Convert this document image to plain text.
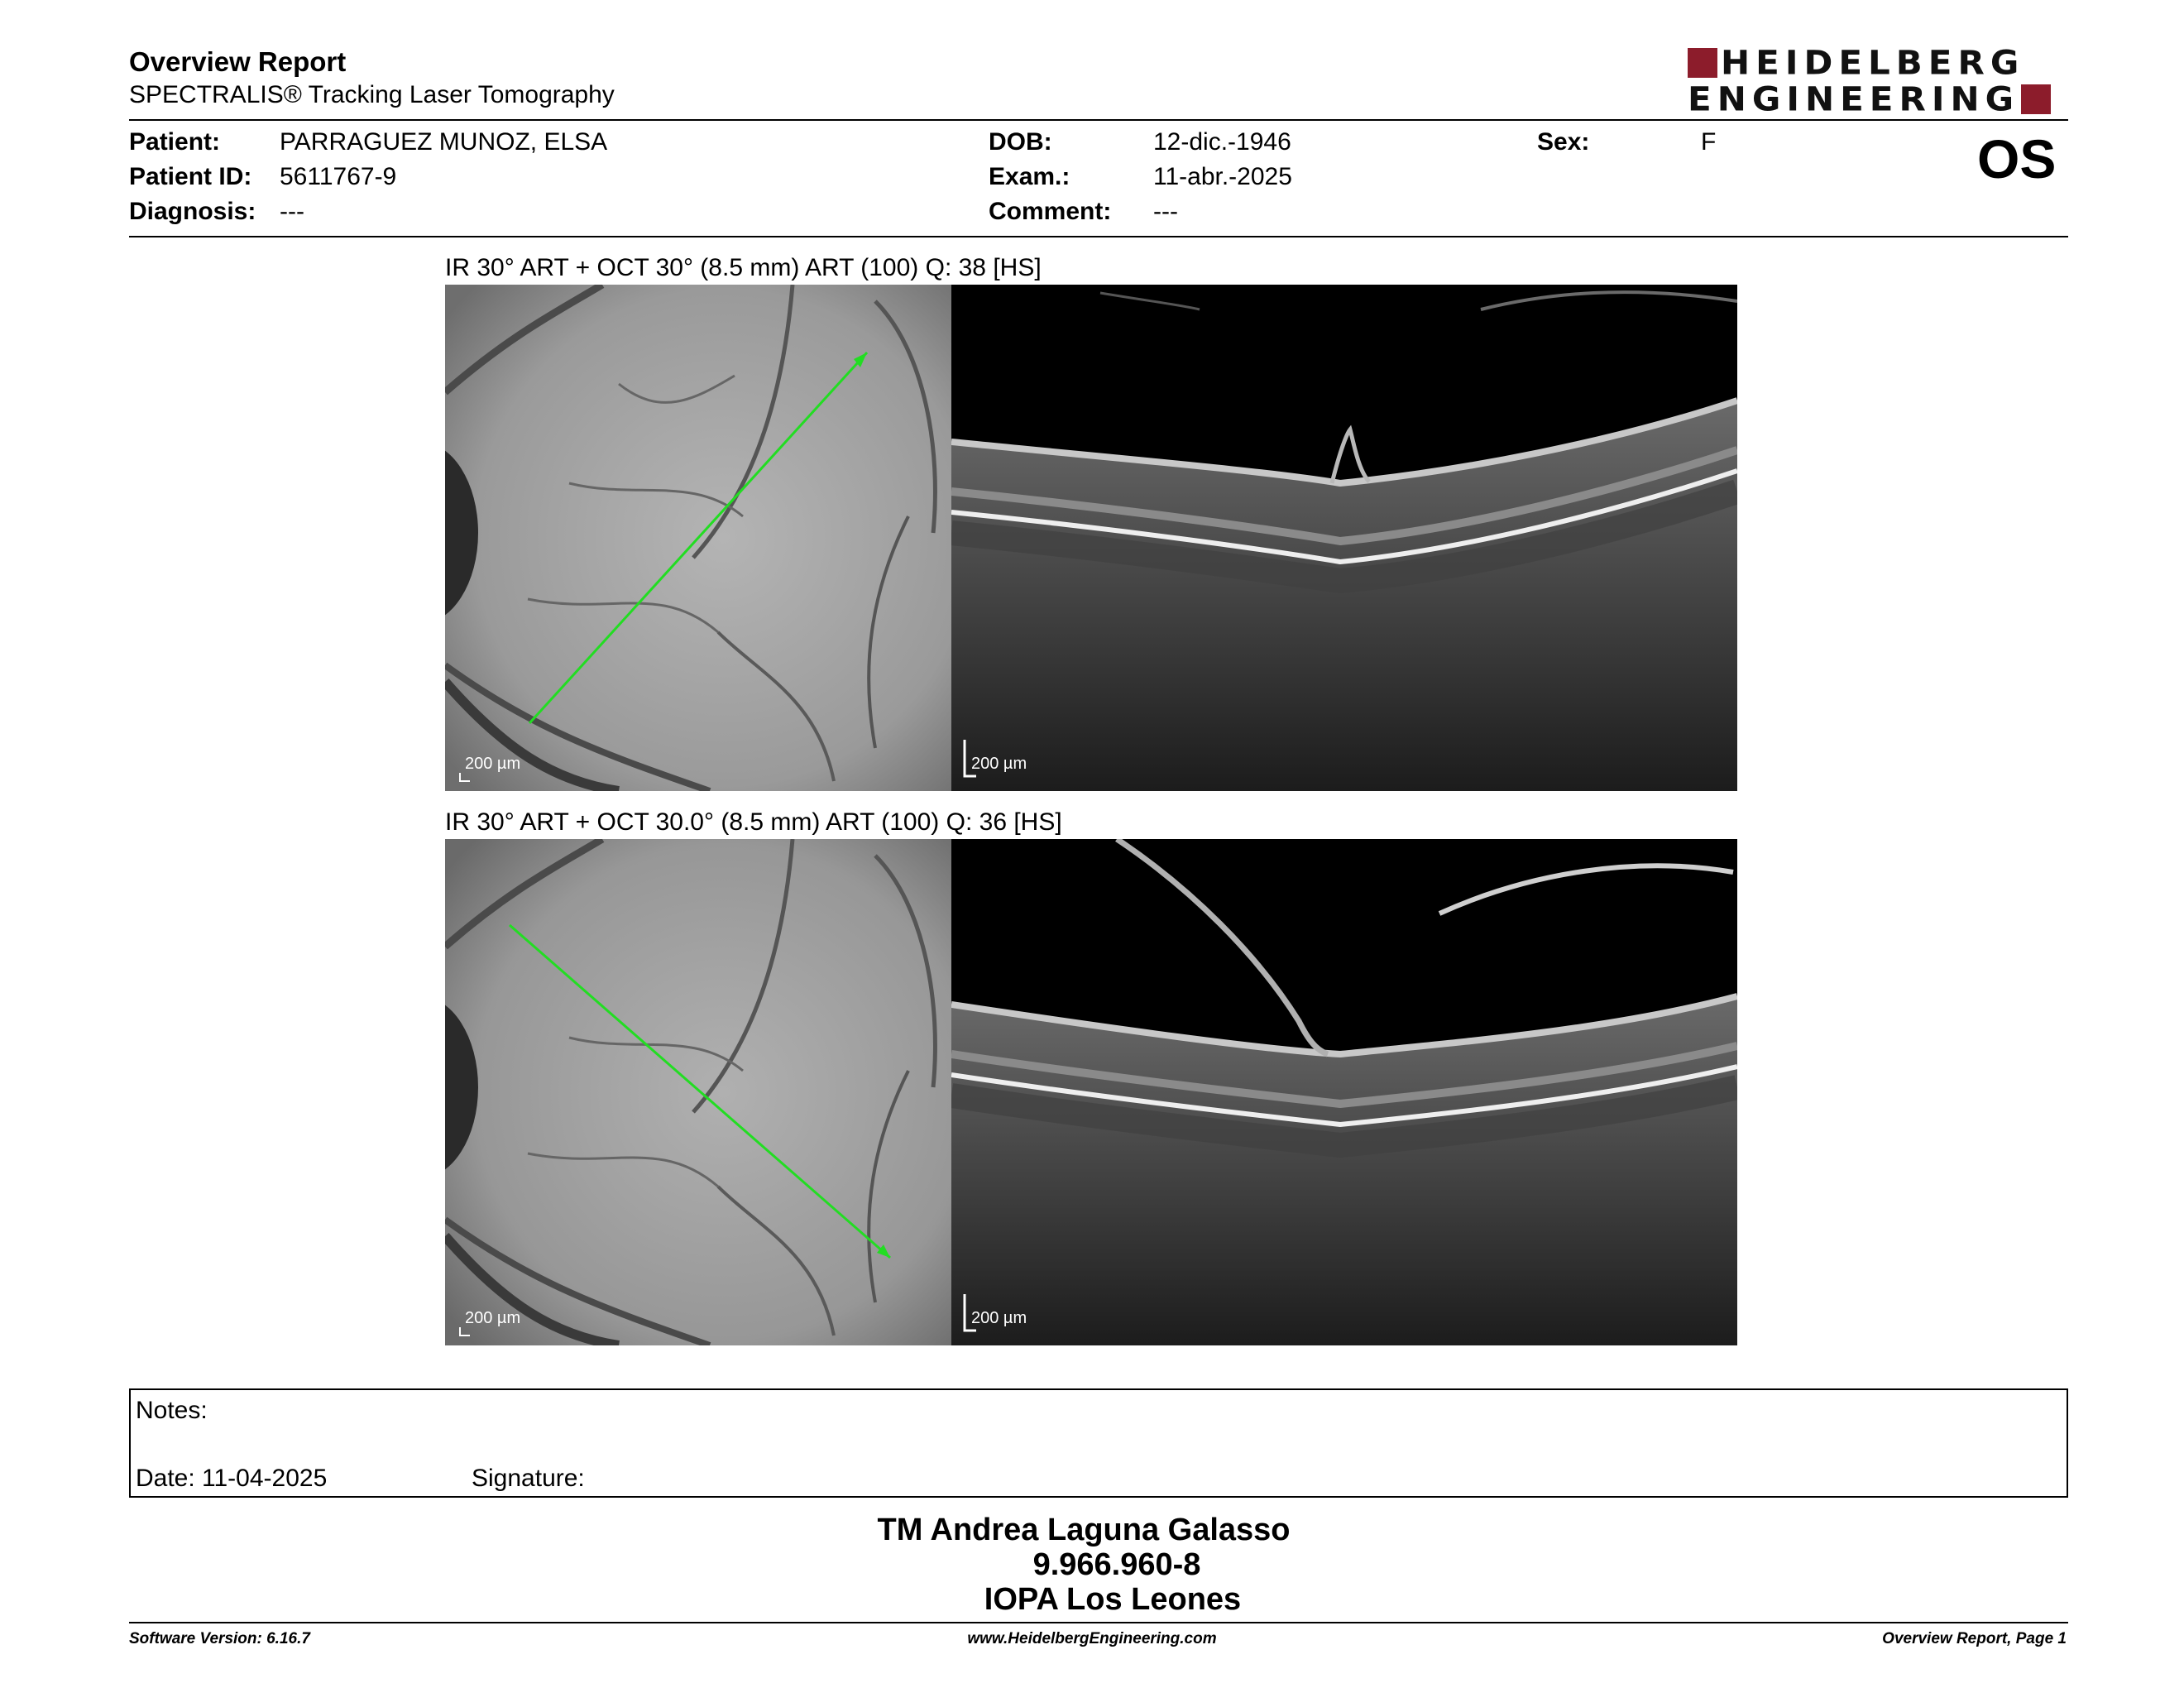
Overview Report
SPECTRALIS® Tracking Laser Tomography
HEIDELBERG
ENGINEERING
Patient: PARRAGUEZ MUNOZ, ELSA
Patient ID: 5611767-9
Diagnosis: ---
DOB:	12-dic.-1946
Exam.:	11-abr.-2025
Comment: ---
Sex:	F	OS
IR 30° ART + OCT 30° (8.5 mm) ART (100) Q: 38 [HS]
200 µm	200 µm
IR 30° ART + OCT 30.0° (8.5 mm) ART (100) Q: 36 [HS]
200 µm	200 µm
Notes:
Date: 11-04-2025	Signature:
TM Andrea Laguna Galasso
9.966.960-8
IOPA Los Leones
Software Version: 6.16.7	www.HeidelbergEngineering.com	Overview Report, Page 1
